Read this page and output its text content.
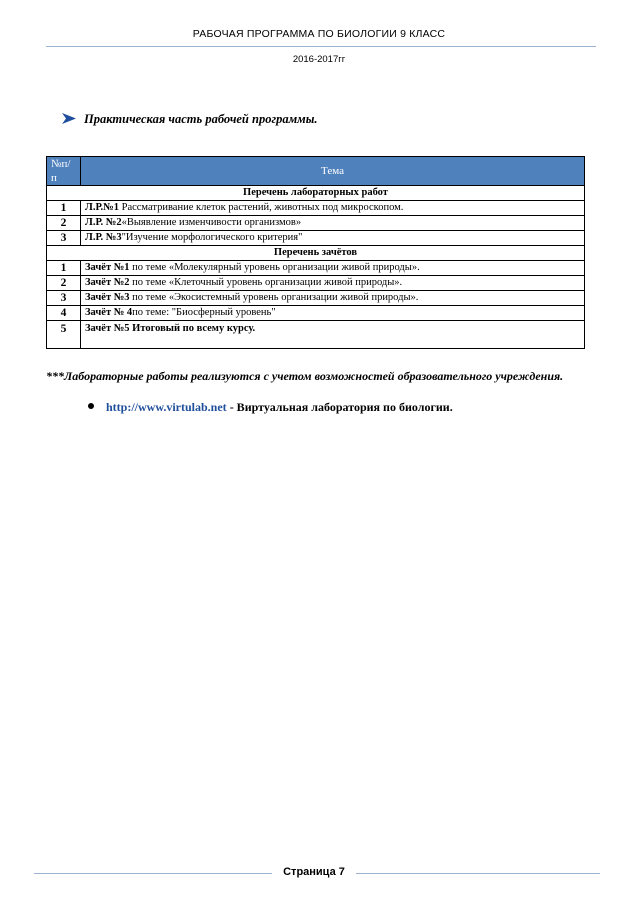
РАБОЧАЯ ПРОГРАММА ПО БИОЛОГИИ 9 КЛАСС
2016-2017гг
Практическая часть рабочей программы.
№п/п	Тема
Перечень лабораторных работ	
1	Л.Р.№1 Рассматривание клеток растений, животных под микроскопом.
2	Л.Р. №2«Выявление изменчивости организмов»
3	Л.Р. №3"Изучение морфологического критерия"
Перечень зачётов	
1	Зачёт №1 по теме «Молекулярный уровень организации живой природы».
2	Зачёт №2 по теме «Клеточный уровень организации живой природы».
3	Зачёт №3 по теме «Экосистемный уровень организации живой природы».
4	Зачёт № 4по теме: "Биосферный уровень"
5	Зачёт №5 Итоговый по всему курсу.
***Лабораторные работы реализуются с учетом возможностей образовательного учреждения.
http://www.virtulab.net - Виртуальная лаборатория по биологии.
Страница 7
